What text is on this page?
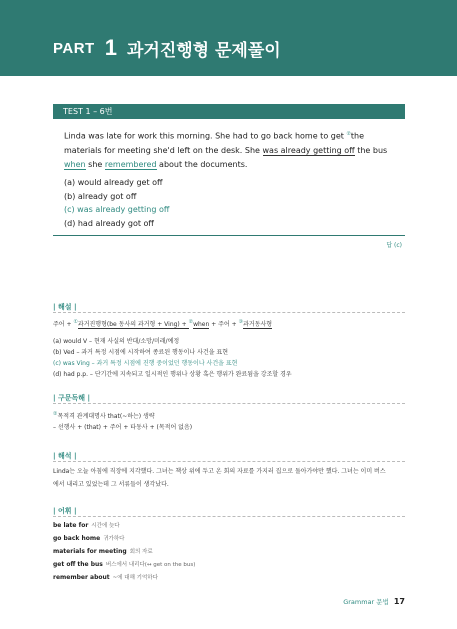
PART 1 과거진행형 문제풀이
TEST 1 – 6번
Linda was late for work this morning. She had to go back home to get ②the materials for meeting she'd left on the desk. She was already getting off the bus when she remembered about the documents.
(a) would already get off
(b) already got off
(c) was already getting off
(d) had already got off
답 (c)
| 해설 |
주어 + ①과거진행형(be 동사의 과거형 + Ving) + ②when + 주어 + ③과거동사형
(a) would V – 현재 사실의 반대/소망/미래/예정
(b) Ved – 과거 특정 시점에 시작하여 종료된 행동이나 사건을 표현
(c) was Ving – 과거 특정 시점에 진행 중이었던 행동이나 사건을 표현
(d) had p.p. – 단기간에 지속되고 일시적인 행위나 상황 혹은 행위가 완료됨을 강조할 경우
| 구문독해 |
②목적격 관계대명사 that(~하는) 생략
– 선행사 + (that) + 주어 + 타동사 + (목적어 없음)
| 해석 |
Linda는 오늘 아침에 직장에 지각했다. 그녀는 책상 위에 두고 온 회의 자료를 가지러 집으로 돌아가야만 했다. 그녀는 이미 버스
에서 내리고 있었는데 그 서류들이 생각났다.
| 어휘 |
be late for 시간에 늦다
go back home 귀가하다
materials for meeting 회의 자료
get off the bus 버스에서 내리다(↔ get on the bus)
remember about ~에 대해 기억하다
Grammar 문법 17
